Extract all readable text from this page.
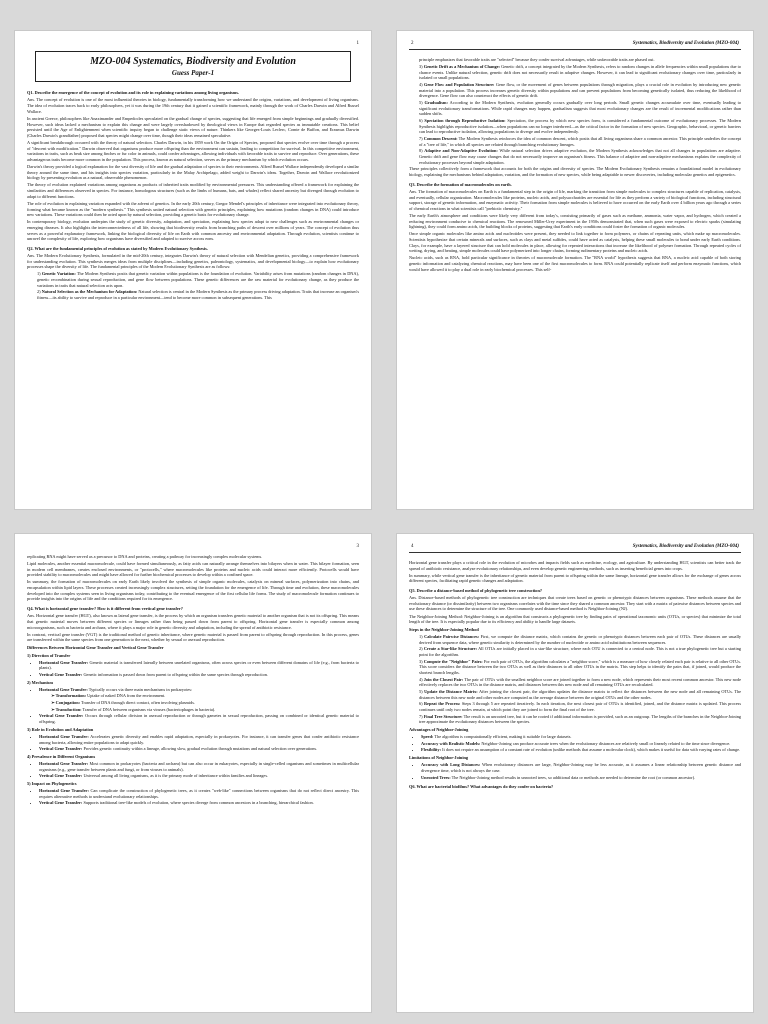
1
MZO-004 Systematics, Biodiversity and Evolution
Guess Paper-1

Q1. Describe the emergence of the concept of evolution and its role in explaining variations among living organisms.

Ans. The concept of evolution is one of the most influential theories in biology, fundamentally transforming how we understand the origins, variations, and development of living organisms. The idea of evolution traces back to early philosophers, yet it was during the 19th century that it gained a scientific framework, mainly through the work of Charles Darwin and Alfred Russel Wallace.

In ancient Greece, philosophers like Anaximander and Empedocles speculated on the gradual change of species, suggesting that life emerged from simple beginnings and gradually diversified. However, such ideas lacked a mechanism to explain this change and were largely overshadowed by theological views in Europe that regarded species as immutable creations. This belief persisted until the Age of Enlightenment when scientific inquiry began to challenge static views of nature. Thinkers like Georges-Louis Leclerc, Comte de Buffon, and Erasmus Darwin (Charles Darwin's grandfather) proposed that species might change over time, though their ideas remained speculative.

A significant breakthrough occurred with the theory of natural selection. Charles Darwin, in his 1859 work On the Origin of Species, proposed that species evolve over time through a process of "descent with modification." Darwin observed that organisms produce more offspring than the environment can sustain, leading to competition for survival. In this competitive environment, variations in traits, such as beak size among finches or fur color in animals, could confer advantages, allowing individuals with favorable traits to survive and reproduce. Over generations, these advantageous traits become more common in the population. This process, known as natural selection, serves as the primary mechanism by which evolution occurs.

Darwin's theory provided a logical explanation for the vast diversity of life and the gradual adaptation of species to their environments. Alfred Russel Wallace independently developed a similar theory around the same time, and his insights into species variation, particularly in the Malay Archipelago, added weight to Darwin's ideas. Together, Darwin and Wallace revolutionized biology by presenting evolution as a natural, observable phenomenon.

The theory of evolution explained variations among organisms as products of inherited traits modified by environmental pressures. This understanding offered a framework for explaining the similarities and differences observed in species. For instance, homologous structures (such as the limbs of humans, bats, and whales) reflect shared ancestry but diverged through evolution to adapt to different functions.

The role of evolution in explaining variation expanded with the advent of genetics. In the early 20th century, Gregor Mendel's principles of inheritance were integrated into evolutionary theory, forming what became known as the "modern synthesis." This synthesis united natural selection with genetic principles, explaining how mutations (random changes in DNA) could introduce new variations. These variations could then be acted upon by natural selection, providing a genetic basis for evolutionary change.

In contemporary biology, evolution underpins the study of genetic diversity, adaptation, and speciation, explaining how species adapt to new challenges such as environmental changes or emerging diseases. It also highlights the interconnectedness of all life, showing that biodiversity results from branching paths of descent over millions of years. The concept of evolution thus serves as a powerful explanatory framework, linking the biological diversity of life on Earth with common ancestry and environmental adaptation. Through evolution, scientists continue to unravel the complexity of life, exploring how organisms have diversified and adapted to survive across eons.

Q2. What are the fundamental principles of evolution as stated by Modern Evolutionary Synthesis.

Ans. The Modern Evolutionary Synthesis, formulated in the mid-20th century, integrates Darwin's theory of natural selection with Mendelian genetics, providing a comprehensive framework for understanding evolution. This synthesis merges ideas from multiple disciplines—including genetics, paleontology, systematics, and developmental biology—to explain how evolutionary processes shape the diversity of life. The fundamental principles of the Modern Evolutionary Synthesis are as follows:

1) Genetic Variation: The Modern Synthesis posits that genetic variation within populations is the foundation of evolution. Variability arises from mutations (random changes in DNA), genetic recombination during sexual reproduction, and gene flow between populations. These genetic differences are the raw material for evolutionary change, as they produce the variations in traits that natural selection acts upon.
2) Natural Selection as the Mechanism for Adaptation: Natural selection is central in the Modern Synthesis as the primary process driving adaptation. Traits that increase an organism's fitness—its ability to survive and reproduce in a particular environment—tend to become more common in subsequent generations. This
2	Systematics, Biodiversity and Evolution (MZO-004)

principle emphasizes that favorable traits are "selected" because they confer survival advantages, while unfavorable traits are phased out.

3) Genetic Drift as a Mechanism of Change: Genetic drift, a concept integrated by the Modern Synthesis, refers to random changes in allele frequencies within small populations due to chance events. Unlike natural selection, genetic drift does not necessarily result in adaptive changes. However, it can lead to significant evolutionary changes over time, particularly in isolated or small populations.
4) Gene Flow and Population Structure: Gene flow, or the movement of genes between populations through migration, plays a crucial role in evolution by introducing new genetic material into a population. This process increases genetic diversity within populations and can prevent populations from becoming genetically isolated, thus reducing the likelihood of divergence. Gene flow can also counteract the effects of genetic drift.
5) Gradualism: According to the Modern Synthesis, evolution generally occurs gradually over long periods. Small genetic changes accumulate over time, eventually leading to significant evolutionary transformations. While rapid changes may happen, gradualism suggests that most evolutionary changes are the result of incremental modifications rather than sudden shifts.
6) Speciation through Reproductive Isolation: Speciation, the process by which new species form, is considered a fundamental outcome of evolutionary processes. The Modern Synthesis highlights reproductive isolation—when populations can no longer interbreed—as the critical factor in the formation of new species. Geographic, behavioral, or genetic barriers can lead to reproductive isolation, allowing populations to diverge and evolve independently.
7) Common Descent: The Modern Synthesis reinforces the idea of common descent, which posits that all living organisms share a common ancestor. This principle underlies the concept of a "tree of life," in which all species are related through branching evolutionary lineages.
8) Adaptive and Non-Adaptive Evolution: While natural selection drives adaptive evolution, the Modern Synthesis acknowledges that not all changes in populations are adaptive. Genetic drift and gene flow may cause changes that do not necessarily improve an organism's fitness. This balance of adaptive and non-adaptive mechanisms explains the complexity of evolutionary processes beyond simple adaptation.

These principles collectively form a framework that accounts for both the origins and diversity of species. The Modern Evolutionary Synthesis remains a foundational model in evolutionary biology, explaining the mechanisms behind adaptation, variation, and the formation of new species, while being adaptable to newer discoveries, including molecular genetics and epigenetics.

Q3. Describe the formation of macromolecules on earth.

Ans. The formation of macromolecules on Earth is a fundamental step in the origin of life, marking the transition from simple molecules to complex structures capable of replication, catalysis, and eventually, cellular organization. Macromolecules like proteins, nucleic acids, and polysaccharides are essential for life as they perform a variety of biological functions, including structural support, storage of genetic information, and enzymatic activity. Their formation from simple molecules is believed to have occurred on the early Earth over 4 billion years ago through a series of chemical reactions in what scientists call "prebiotic chemistry."

The early Earth's atmosphere and conditions were likely very different from today's, consisting primarily of gases such as methane, ammonia, water vapor, and hydrogen, which created a reducing environment conducive to chemical reactions. The renowned Miller-Urey experiment in the 1950s demonstrated that, when such gases were exposed to electric sparks (simulating lightning), they could form amino acids, the building blocks of proteins, suggesting that Earth's early conditions could foster the formation of organic molecules.

Once simple organic molecules like amino acids and nucleotides were present, they needed to link together to form polymers, or chains of repeating units, which make up macromolecules. Scientists hypothesize that certain minerals and surfaces, such as clays and metal sulfides, could have acted as catalysts, helping these small molecules to bond under early Earth conditions. Clays, for example, have a layered structure that can hold molecules in place, allowing for repeated interactions that increase the likelihood of polymer formation. Through repeated cycles of wetting, drying, and heating, simple molecules could have polymerized into longer chains, forming rudimentary proteins and nucleic acids.

Nucleic acids, such as RNA, hold particular significance in theories of macromolecule formation. The "RNA world" hypothesis suggests that RNA, a nucleic acid capable of both storing genetic information and catalyzing chemical reactions, may have been one of the first macromolecules to form. RNA could potentially replicate itself and perform enzymatic functions, which would have allowed it to play a dual role in early biochemical processes. This self-

3

replicating RNA might have served as a precursor to DNA and proteins, creating a pathway for increasingly complex molecular systems.

Lipid molecules, another essential macromolecule, could have formed simultaneously, as fatty acids can naturally arrange themselves into bilayers when in water. This bilayer formation, seen in modern cell membranes, creates enclosed environments, or "protocells," where macromolecules like proteins and nucleic acids could interact more efficiently. Protocells would have provided stability to macromolecules and might have allowed for further biochemical processes to develop within a confined space.

In summary, the formation of macromolecules on early Earth likely involved the synthesis of simple organic molecules, catalysis on mineral surfaces, polymerization into chains, and encapsulation within lipid layers. These processes created increasingly complex structures, setting the foundation for the emergence of life. Through time and evolution, these macromolecules developed into the complex systems seen in living organisms today, contributing to the eventual emergence of the first cellular life forms. The study of macromolecule formation continues to provide insights into the origins of life and the conditions required for its emergence.

Q4. What is horizontal gene transfer? How is it different from vertical gene transfer?

Ans. Horizontal gene transfer (HGT), also known as lateral gene transfer, is the process by which an organism transfers genetic material to another organism that is not its offspring. This means that genetic material moves between different species or lineages rather than being passed down from parent to offspring. Horizontal gene transfer is especially common among microorganisms, such as bacteria and archaea, where it plays a major role in genetic diversity and adaptation, including the spread of antibiotic resistance.

In contrast, vertical gene transfer (VGT) is the traditional method of genetic inheritance, where genetic material is passed from parent to offspring through reproduction. In this process, genes are transferred within the same species from one generation to the next, whether by sexual or asexual reproduction.

Differences Between Horizontal Gene Transfer and Vertical Gene Transfer

1) Direction of Transfer

• Horizontal Gene Transfer: Genetic material is transferred laterally between unrelated organisms, often across species or even between different domains of life (e.g., from bacteria to plants).
• Vertical Gene Transfer: Genetic information is passed down from parent to offspring within the same species through reproduction.

2) Mechanism

• Horizontal Gene Transfer: Typically occurs via three main mechanisms in prokaryotes:
➢ Transformation: Uptake of naked DNA from the environment.
➢ Conjugation: Transfer of DNA through direct contact, often involving plasmids.
➢ Transduction: Transfer of DNA between organisms via viruses (bacteriophages in bacteria).
• Vertical Gene Transfer: Occurs through cellular division in asexual reproduction or through gametes in sexual reproduction, passing on combined or identical genetic material to offspring.

3) Role in Evolution and Adaptation

• Horizontal Gene Transfer: Accelerates genetic diversity and enables rapid adaptation, especially in prokaryotes. For instance, it can transfer genes that confer antibiotic resistance among bacteria, allowing entire populations to adapt quickly.
• Vertical Gene Transfer: Provides genetic continuity within a lineage, allowing slow, gradual evolution through mutations and natural selection over generations.

4) Prevalence in Different Organisms

• Horizontal Gene Transfer: Most common in prokaryotes (bacteria and archaea) but can also occur in eukaryotes, especially in single-celled organisms and sometimes in multicellular organisms (e.g., gene transfer between plants and fungi, or from viruses to animals).
• Vertical Gene Transfer: Universal among all living organisms, as it is the primary mode of inheritance within families and lineages.

5) Impact on Phylogenetics

• Horizontal Gene Transfer: Can complicate the construction of phylogenetic trees, as it creates "web-like" connections between organisms that do not reflect direct ancestry. This requires alternative methods to understand evolutionary relationships.
• Vertical Gene Transfer: Supports traditional tree-like models of evolution, where species diverge from common ancestors in a branching, hierarchical fashion.
4	Systematics, Biodiversity and Evolution (MZO-004)

Horizontal gene transfer plays a critical role in the evolution of microbes and impacts fields such as medicine, ecology, and agriculture. By understanding HGT, scientists can better track the spread of antibiotic resistance, analyze evolutionary relationships, and even develop genetic engineering methods, such as inserting beneficial genes into crops.

In summary, while vertical gene transfer is the inheritance of genetic material from parent to offspring within the same lineage, horizontal gene transfer allows for the exchange of genes across different species, facilitating rapid genetic changes and adaptation.

Q5. Describe a distance-based method of phylogenetic tree construction?

Ans. Distance-based methods of phylogenetic tree construction are techniques that create trees based on genetic or phenotypic distances between organisms. These methods assume that the evolutionary distance (or dissimilarity) between two organisms correlates with the time since they shared a common ancestor. They start with a matrix of pairwise distances between species and use these distances to determine the structure of the tree. One commonly used distance-based method is Neighbor-Joining (NJ).

The Neighbor-Joining Method: Neighbor-Joining is an algorithm that constructs a phylogenetic tree by finding pairs of operational taxonomic units (OTUs, or species) that minimize the total length of the tree. It is especially popular due to its efficiency and ability to handle large datasets.

Steps in the Neighbor-Joining Method

1) Calculate Pairwise Distances: First, we compute the distance matrix, which contains the genetic or phenotypic distances between each pair of OTUs. These distances are usually derived from sequence data, where genetic similarity is determined by the number of nucleotide or amino acid substitutions between sequences.
2) Create a Star-like Structure: All OTUs are initially placed in a star-like structure, where each OTU is connected to a central node. This is not a true phylogenetic tree but a starting point for the algorithm.
3) Compute the "Neighbor" Pairs: For each pair of OTUs, the algorithm calculates a "neighbor score," which is a measure of how closely related each pair is relative to all other OTUs. This score considers the distance between the two OTUs as well as their distances to all other OTUs in the matrix. This step helps to identify the pairs that, if joined, would produce the shortest branch lengths.
4) Join the Closest Pair: The pair of OTUs with the smallest neighbor score are joined together to form a new node, which represents their most recent common ancestor. This new node effectively replaces the two OTUs in the distance matrix, and distances between this new node and all remaining OTUs are recalculated.
5) Update the Distance Matrix: After joining the closest pair, the algorithm updates the distance matrix to reflect the distances between the new node and all remaining OTUs. The distances between this new node and other nodes are computed as the average distance between the original OTUs and the other nodes.
6) Repeat the Process: Steps 3 through 5 are repeated iteratively. In each iteration, the next closest pair of OTUs is identified, joined, and the distance matrix is updated. This process continues until only two nodes remain, at which point they are joined to form the final root of the tree.
7) Final Tree Structure: The result is an unrooted tree, but it can be rooted if additional information is provided, such as an outgroup. The lengths of the branches in the Neighbor-Joining tree approximate the evolutionary distances between the species.

Advantages of Neighbor-Joining

• Speed: The algorithm is computationally efficient, making it suitable for large datasets.
• Accuracy with Realistic Models: Neighbor-Joining can produce accurate trees when the evolutionary distances are relatively small or linearly related to the time since divergence.
• Flexibility: It does not require an assumption of a constant rate of evolution (unlike methods that assume a molecular clock), which makes it useful for data with varying rates of change.

Limitations of Neighbor-Joining

• Accuracy with Long Distances: When evolutionary distances are large, Neighbor-Joining may be less accurate, as it assumes a linear relationship between genetic distance and divergence time, which is not always the case.
• Unrooted Trees: The Neighbor-Joining method results in unrooted trees, so additional data or methods are needed to determine the root (or common ancestor).

Q6. What are bacterial biofilms? What advantages do they confer on bacteria?
